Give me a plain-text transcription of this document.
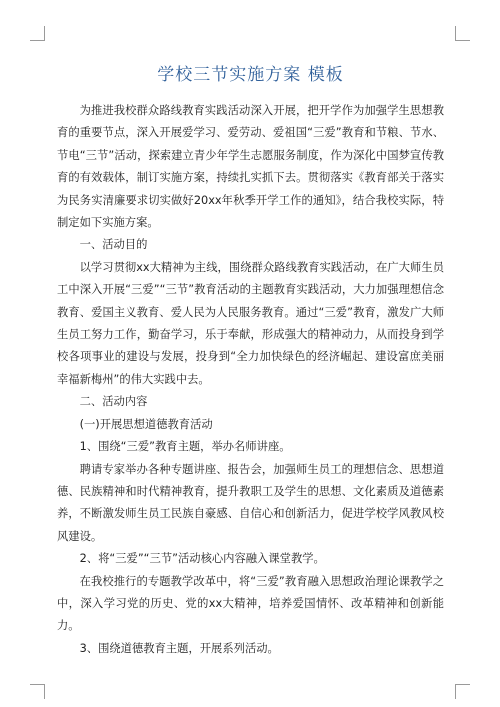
学校三节实施方案 模板

为推进我校群众路线教育实践活动深入开展，把开学作为加强学生思想教育的重要节点，深入开展爱学习、爱劳动、爱祖国“三爱”教育和节粮、节水、节电“三节”活动，探索建立青少年学生志愿服务制度，作为深化中国梦宣传教育的有效载体，制订实施方案，持续扎实抓下去。贯彻落实《教育部关于落实为民务实清廉要求切实做好20xx年秋季开学工作的通知》，结合我校实际，特制定如下实施方案。

一、活动目的

以学习贯彻xx大精神为主线，围绕群众路线教育实践活动，在广大师生员工中深入开展“三爱”“三节”教育活动的主题教育实践活动，大力加强理想信念教育、爱国主义教育、爱人民为人民服务教育。通过“三爱”教育，激发广大师生员工努力工作，勤奋学习，乐于奉献，形成强大的精神动力，从而投身到学校各项事业的建设与发展，投身到“全力加快绿色的经济崛起、建设富庶美丽幸福新梅州”的伟大实践中去。

二、活动内容

(一)开展思想道德教育活动

1、围绕“三爱”教育主题，举办名师讲座。

聘请专家举办各种专题讲座、报告会，加强师生员工的理想信念、思想道德、民族精神和时代精神教育，提升教职工及学生的思想、文化素质及道德素养，不断激发师生员工民族自豪感、自信心和创新活力，促进学校学风教风校风建设。

2、将“三爱”“三节”活动核心内容融入课堂教学。

在我校推行的专题教学改革中，将“三爱”教育融入思想政治理论课教学之中，深入学习党的历史、党的xx大精神，培养爱国情怀、改革精神和创新能力。

3、围绕道德教育主题，开展系列活动。
